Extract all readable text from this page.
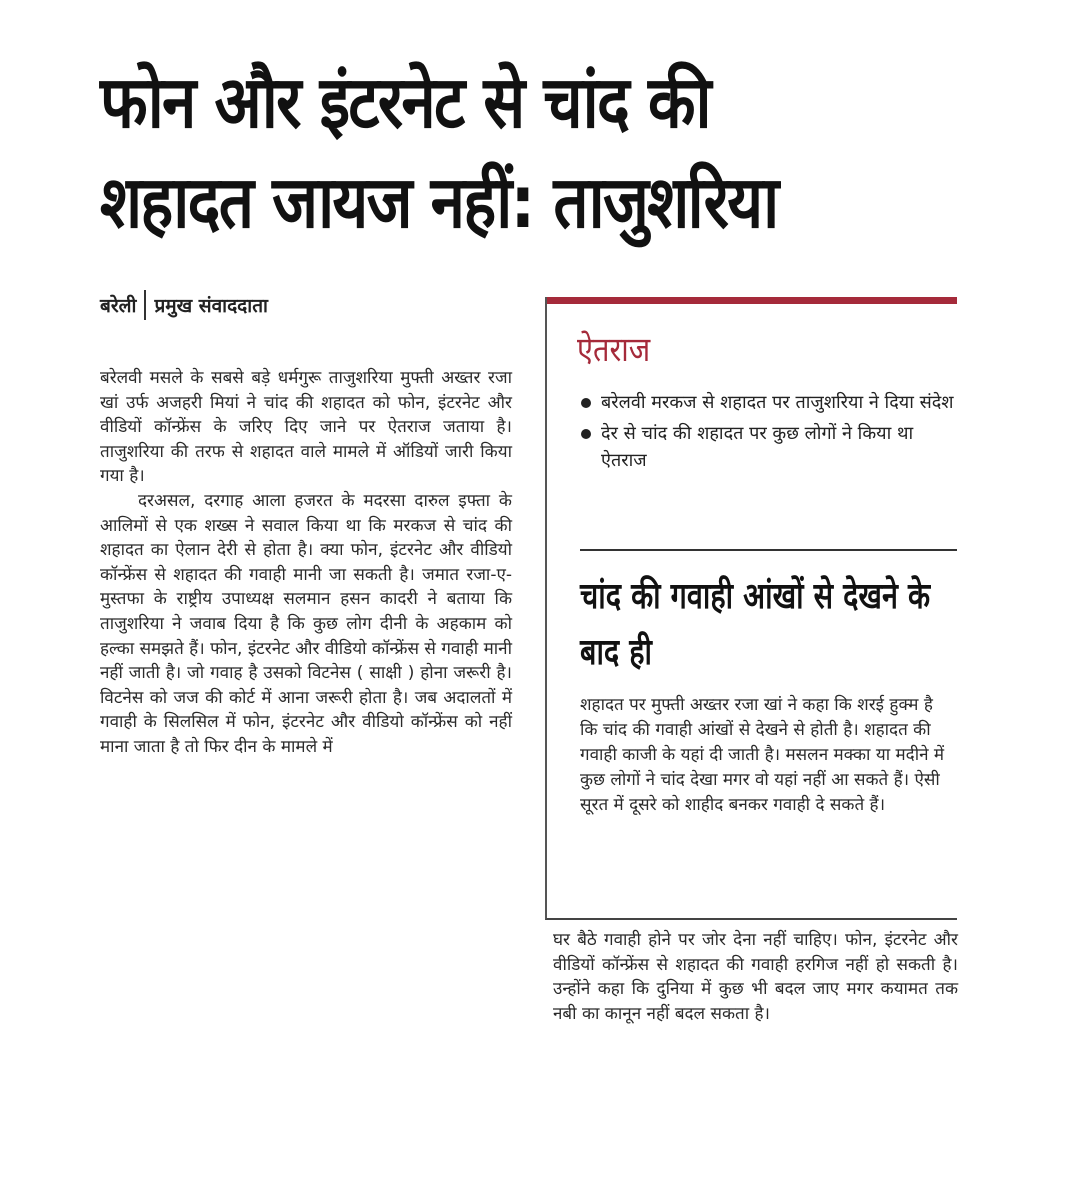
फोन और इंटरनेट से चांद की
शहादत जायज नहीं: ताजुशरिया
बरेली प्रमुख संवाददाता

बरेलवी मसले के सबसे बड़े धर्मगुरू ताजुशरिया मुफ्ती अख्तर रजा खां उर्फ अजहरी मियां ने चांद की शहादत को फोन, इंटरनेट और वीडियों कॉन्फ्रेंस के जरिए दिए जाने पर ऐतराज जताया है। ताजुशरिया की तरफ से शहादत वाले मामले में ऑडियों जारी किया गया है।

दरअसल, दरगाह आला हजरत के मदरसा दारुल इफ्ता के आलिमों से एक शख्स ने सवाल किया था कि मरकज से चांद की शहादत का ऐलान देरी से होता है। क्या फोन, इंटरनेट और वीडियो कॉन्फ्रेंस से शहादत की गवाही मानी जा सकती है। जमात रजा-ए-मुस्तफा के राष्ट्रीय उपाध्यक्ष सलमान हसन कादरी ने बताया कि ताजुशरिया ने जवाब दिया है कि कुछ लोग दीनी के अहकाम को हल्का समझते हैं। फोन, इंटरनेट और वीडियो कॉन्फ्रेंस से गवाही मानी नहीं जाती है। जो गवाह है उसको विटनेस ( साक्षी ) होना जरूरी है। विटनेस को जज की कोर्ट में आना जरूरी होता है। जब अदालतों में गवाही के सिलसिल में फोन, इंटरनेट और वीडियो कॉन्फ्रेंस को नहीं माना जाता है तो फिर दीन के मामले में

ऐतराज
बरेलवी मरकज से शहादत पर ताजुशरिया ने दिया संदेश
देर से चांद की शहादत पर कुछ लोगों ने किया था ऐतराज
चांद की गवाही आंखों से देखने के बाद ही
शहादत पर मुफ्ती अख्तर रजा खां ने कहा कि शरई हुक्म है कि चांद की गवाही आंखों से देखने से होती है। शहादत की गवाही काजी के यहां दी जाती है। मसलन मक्का या मदीने में कुछ लोगों ने चांद देखा मगर वो यहां नहीं आ सकते हैं। ऐसी सूरत में दूसरे को शाहीद बनकर गवाही दे सकते हैं।
घर बैठे गवाही होने पर जोर देना नहीं चाहिए। फोन, इंटरनेट और वीडियों कॉन्फ्रेंस से शहादत की गवाही हरगिज नहीं हो सकती है। उन्होंने कहा कि दुनिया में कुछ भी बदल जाए मगर कयामत तक नबी का कानून नहीं बदल सकता है।
